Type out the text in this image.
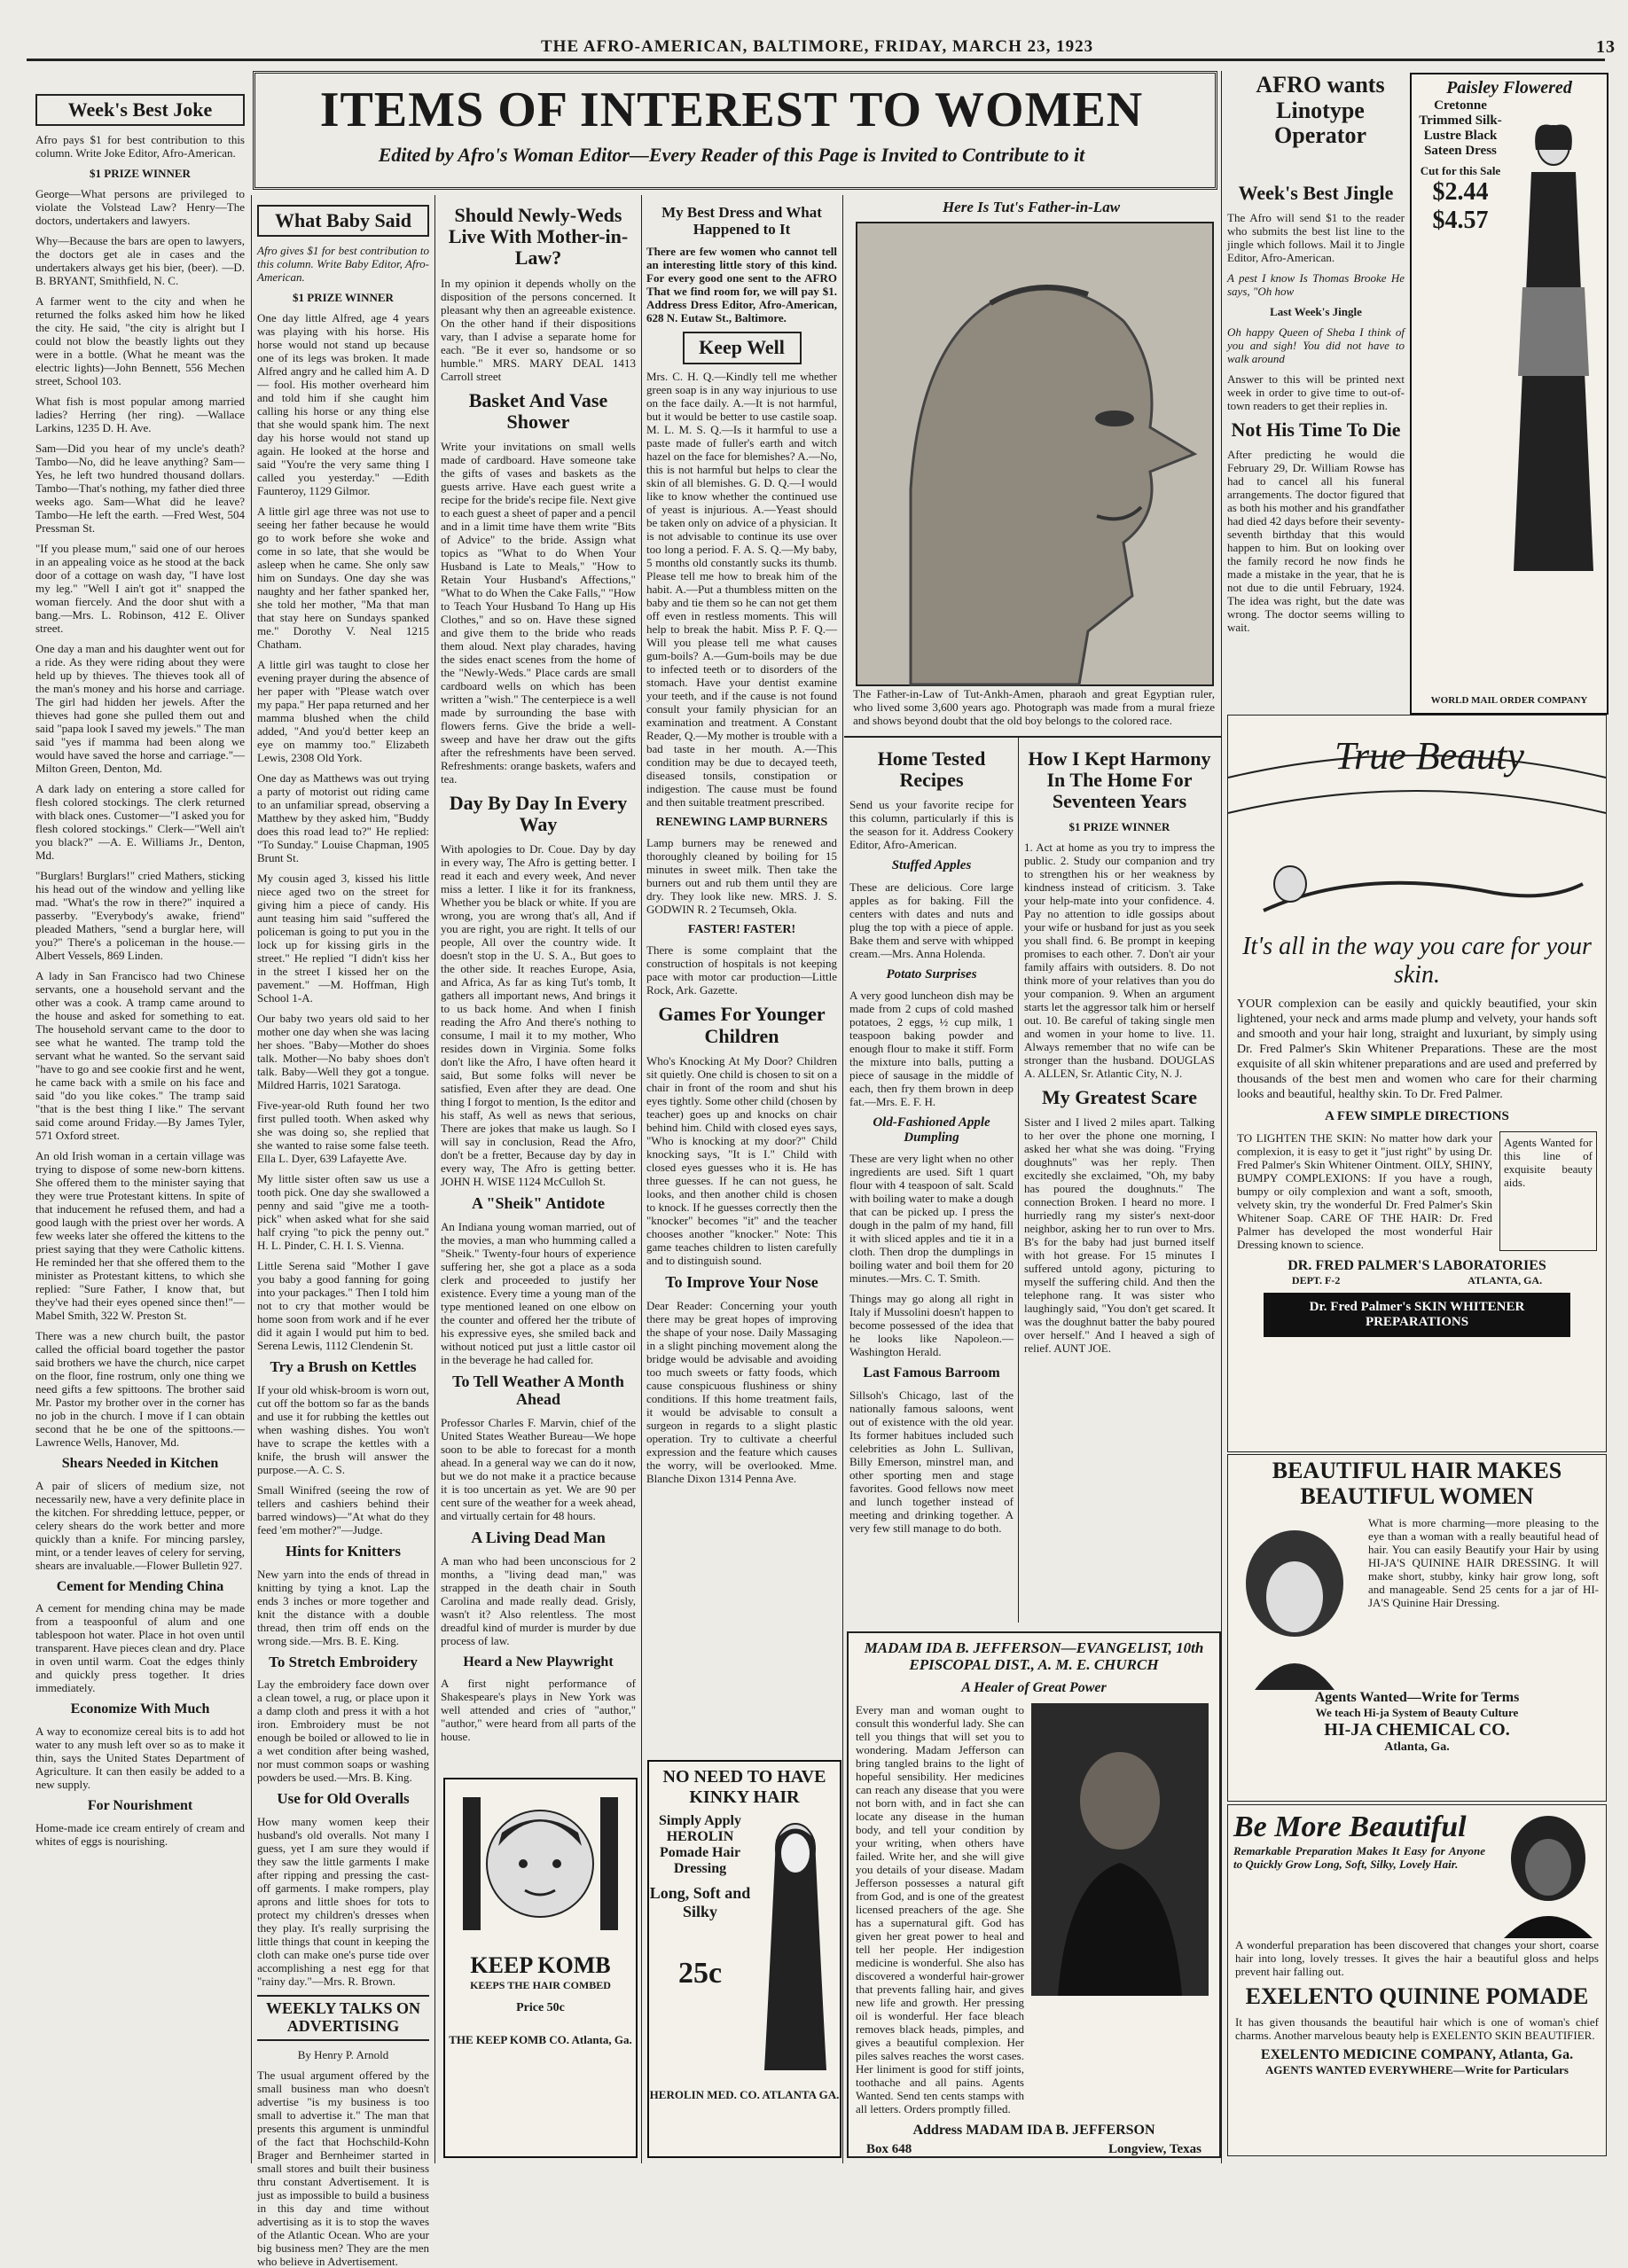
THE AFRO-AMERICAN, BALTIMORE, FRIDAY, MARCH 23, 1923	13
ITEMS OF INTEREST TO WOMEN
Edited by Afro's Woman Editor—Every Reader of this Page is Invited to Contribute to it
Week's Best Joke

Afro pays $1 for best contribution to this column. Write Joke Editor, Afro-American.

$1 PRIZE WINNER

George—What persons are privileged to violate the Volstead Law? Henry—The doctors, undertakers and lawyers.

Why—Because the bars are open to lawyers, the doctors get ale in cases and the undertakers always get his bier, (beer). —D. B. BRYANT, Smithfield, N. C.

A farmer went to the city and when he returned the folks asked him how he liked the city. He said, "the city is alright but I could not blow the beastly lights out they were in a bottle. (What he meant was the electric lights)—John Bennett, 556 Mechen street, School 103.

What fish is most popular among married ladies? Herring (her ring). —Wallace Larkins, 1235 D. H. Ave.

Sam—Did you hear of my uncle's death? Tambo—No, did he leave anything? Sam—Yes, he left two hundred thousand dollars. Tambo—That's nothing, my father died three weeks ago. Sam—What did he leave? Tambo—He left the earth. —Fred West, 504 Pressman St.

"If you please mum," said one of our heroes in an appealing voice as he stood at the back door of a cottage on wash day, "I have lost my leg." "Well I ain't got it" snapped the woman fiercely. And the door shut with a bang.—Mrs. L. Robinson, 412 E. Oliver street.

One day a man and his daughter went out for a ride. As they were riding about they were held up by thieves. The thieves took all of the man's money and his horse and carriage. The girl had hidden her jewels. After the thieves had gone she pulled them out and said "papa look I saved my jewels." The man said "yes if mamma had been along we would have saved the horse and carriage."—Milton Green, Denton, Md.

A dark lady on entering a store called for flesh colored stockings. The clerk returned with black ones. Customer—"I asked you for flesh colored stockings." Clerk—"Well ain't you black?" —A. E. Williams Jr., Denton, Md.

"Burglars! Burglars!" cried Mathers, sticking his head out of the window and yelling like mad. "What's the row in there?" inquired a passerby. "Everybody's awake, friend" pleaded Mathers, "send a burglar here, will you?" There's a policeman in the house.—Albert Vessels, 869 Linden.

A lady in San Francisco had two Chinese servants, one a household servant and the other was a cook. A tramp came around to the house and asked for something to eat. The household servant came to the door to see what he wanted. The tramp told the servant what he wanted. So the servant said "have to go and see cookie first and he went, he came back with a smile on his face and said "do you like cokes." The tramp said "that is the best thing I like." The servant said come around Friday.—By James Tyler, 571 Oxford street.

An old Irish woman in a certain village was trying to dispose of some new-born kittens. She offered them to the minister saying that they were true Protestant kittens. In spite of that inducement he refused them, and had a good laugh with the priest over her words. A few weeks later she offered the kittens to the priest saying that they were Catholic kittens. He reminded her that she offered them to the minister as Protestant kittens, to which she replied: "Sure Father, I know that, but they've had their eyes opened since then!"—Mabel Smith, 322 W. Preston St.

There was a new church built, the pastor called the official board together the pastor said brothers we have the church, nice carpet on the floor, fine rostrum, only one thing we need gifts a few spittoons. The brother said Mr. Pastor my brother over in the corner has no job in the church. I move if I can obtain second that he be one of the spittoons.—Lawrence Wells, Hanover, Md.

Shears Needed in Kitchen

A pair of slicers of medium size, not necessarily new, have a very definite place in the kitchen. For shredding lettuce, pepper, or celery shears do the work better and more quickly than a knife. For mincing parsley, mint, or a tender leaves of celery for serving, shears are invaluable.—Flower Bulletin 927.

Cement for Mending China

A cement for mending china may be made from a teaspoonful of alum and one tablespoon hot water. Place in hot oven until transparent. Have pieces clean and dry. Place in oven until warm. Coat the edges thinly and quickly press together. It dries immediately.

Economize With Much

A way to economize cereal bits is to add hot water to any mush left over so as to make it thin, says the United States Department of Agriculture. It can then easily be added to a new supply.

For Nourishment

Home-made ice cream entirely of cream and whites of eggs is nourishing.

What Baby Said

Afro gives $1 for best contribution to this column. Write Baby Editor, Afro-American.

$1 PRIZE WINNER

One day little Alfred, age 4 years was playing with his horse. His horse would not stand up because one of its legs was broken. It made Alfred angry and he called him A. D— fool. His mother overheard him and told him if she caught him calling his horse or any thing else that she would spank him. The next day his horse would not stand up again. He looked at the horse and said "You're the very same thing I called you yesterday." —Edith Faunteroy, 1129 Gilmor.

A little girl age three was not use to seeing her father because he would go to work before she woke and come in so late, that she would be asleep when he came. She only saw him on Sundays. One day she was naughty and her father spanked her, she told her mother, "Ma that man that stay here on Sundays spanked me." Dorothy V. Neal 1215 Chatham.

A little girl was taught to close her evening prayer during the absence of her paper with "Please watch over my papa." Her papa returned and her mamma blushed when the child added, "And you'd better keep an eye on mammy too." Elizabeth Lewis, 2308 Old York.

One day as Matthews was out trying a party of motorist out riding came to an unfamiliar spread, observing a Matthew by they asked him, "Buddy does this road lead to?" He replied: "To Sunday." Louise Chapman, 1905 Brunt St.

My cousin aged 3, kissed his little niece aged two on the street for giving him a piece of candy. His aunt teasing him said "suffered the policeman is going to put you in the lock up for kissing girls in the street." He replied "I didn't kiss her in the street I kissed her on the pavement." —M. Hoffman, High School 1-A.

Our baby two years old said to her mother one day when she was lacing her shoes. "Baby—Mother do shoes talk. Mother—No baby shoes don't talk. Baby—Well they got a tongue. Mildred Harris, 1021 Saratoga.

Five-year-old Ruth found her two first pulled tooth. When asked why she was doing so, she replied that she wanted to raise some false teeth. Ella L. Dyer, 639 Lafayette Ave.

My little sister often saw us use a tooth pick. One day she swallowed a penny and said "give me a tooth-pick" when asked what for she said half crying "to pick the penny out." H. L. Pinder, C. H. I. S. Vienna.

Little Serena said "Mother I gave you baby a good fanning for going into your packages." Then I told him not to cry that mother would be home soon from work and if he ever did it again I would put him to bed. Serena Lewis, 1112 Clendenin St.

Try a Brush on Kettles

If your old whisk-broom is worn out, cut off the bottom so far as the bands and use it for rubbing the kettles out when washing dishes. You won't have to scrape the kettles with a knife, the brush will answer the purpose.—A. C. S.

Small Winifred (seeing the row of tellers and cashiers behind their barred windows)—"At what do they feed 'em mother?"—Judge.

Hints for Knitters

New yarn into the ends of thread in knitting by tying a knot. Lap the ends 3 inches or more together and knit the distance with a double thread, then trim off ends on the wrong side.—Mrs. B. E. King.

To Stretch Embroidery

Lay the embroidery face down over a clean towel, a rug, or place upon it a damp cloth and press it with a hot iron. Embroidery must be not enough be boiled or allowed to lie in a wet condition after being washed, nor must common soaps or washing powders be used.—Mrs. B. King.

Use for Old Overalls

How many women keep their husband's old overalls. Not many I guess, yet I am sure they would if they saw the little garments I make after ripping and pressing the cast-off garments. I make rompers, play aprons and little shoes for tots to protect my children's dresses when they play. It's really surprising the little things that count in keeping the cloth can make one's purse tide over accomplishing a nest egg for that "rainy day."—Mrs. R. Brown.

WEEKLY TALKS ON ADVERTISING

By Henry P. Arnold

The usual argument offered by the small business man who doesn't advertise "is my business is too small to advertise it." The man that presents this argument is unmindful of the fact that Hochschild-Kohn Brager and Bernheimer started in small stores and built their business thru constant Advertisement. It is just as impossible to build a business in this day and time without advertising as it is to stop the waves of the Atlantic Ocean. Who are your big business men? They are the men who believe in Advertisement.

Should Newly-Weds Live With Mother-in-Law?

In my opinion it depends wholly on the disposition of the persons concerned. It pleasant why then an agreeable existence. On the other hand if their dispositions vary, than I advise a separate home for each. "Be it ever so, handsome or so humble." MRS. MARY DEAL 1413 Carroll street

Basket And Vase Shower

Write your invitations on small wells made of cardboard. Have someone take the gifts of vases and baskets as the guests arrive. Have each guest write a recipe for the bride's recipe file. Next give to each guest a sheet of paper and a pencil and in a limit time have them write "Bits of Advice" to the bride. Assign what topics as "What to do When Your Husband is Late to Meals," "How to Retain Your Husband's Affections," "What to do When the Cake Falls," "How to Teach Your Husband To Hang up His Clothes," and so on. Have these signed and give them to the bride who reads them aloud. Next play charades, having the sides enact scenes from the home of the "Newly-Weds." Place cards are small cardboard wells on which has been written a "wish." The centerpiece is a well made by surrounding the base with flowers ferns. Give the bride a well-sweep and have her draw out the gifts after the refreshments have been served. Refreshments: orange baskets, wafers and tea.

Day By Day In Every Way

With apologies to Dr. Coue. Day by day in every way, The Afro is getting better. I read it each and every week, And never miss a letter. I like it for its frankness, Whether you be black or white. If you are wrong, you are wrong that's all, And if you are right, you are right. It tells of our people, All over the country wide. It doesn't stop in the U. S. A., But goes to the other side. It reaches Europe, Asia, and Africa, As far as king Tut's tomb, It gathers all important news, And brings it to us back home. And when I finish reading the Afro And there's nothing to consume, I mail it to my mother, Who resides down in Virginia. Some folks don't like the Afro, I have often heard it said, But some folks will never be satisfied, Even after they are dead. One thing I forgot to mention, Is the editor and his staff, As well as news that serious, There are jokes that make us laugh. So I will say in conclusion, Read the Afro, don't be a fretter, Because day by day in every way, The Afro is getting better. JOHN H. WISE 1124 McCulloh St.

A "Sheik" Antidote

An Indiana young woman married, out of the movies, a man who humming called a "Sheik." Twenty-four hours of experience suffering her, she got a place as a soda clerk and proceeded to justify her existence. Every time a young man of the type mentioned leaned on one elbow on the counter and offered her the tribute of his expressive eyes, she smiled back and without noticed put just a little castor oil in the beverage he had called for.

To Tell Weather A Month Ahead

Professor Charles F. Marvin, chief of the United States Weather Bureau—We hope soon to be able to forecast for a month ahead. In a general way we can do it now, but we do not make it a practice because it is too uncertain as yet. We are 90 per cent sure of the weather for a week ahead, and virtually certain for 48 hours.

A Living Dead Man

A man who had been unconscious for 2 months, a "living dead man," was strapped in the death chair in South Carolina and made really dead. Grisly, wasn't it? Also relentless. The most dreadful kind of murder is murder by due process of law.

Heard a New Playwright

A first night performance of Shakespeare's plays in New York was well attended and cries of "author," "author," were heard from all parts of the house.

KEEP KOMB
KEEPS THE HAIR COMBED
Price 50c
THE KEEP KOMB CO. Atlanta, Ga.
My Best Dress and What Happened to It

There are few women who cannot tell an interesting little story of this kind. For every good one sent to the AFRO That we find room for, we will pay $1. Address Dress Editor, Afro-American, 628 N. Eutaw St., Baltimore.

Keep Well

Mrs. C. H. Q.—Kindly tell me whether green soap is in any way injurious to use on the face daily. A.—It is not harmful, but it would be better to use castile soap. M. L. M. S. Q.—Is it harmful to use a paste made of fuller's earth and witch hazel on the face for blemishes? A.—No, this is not harmful but helps to clear the skin of all blemishes. G. D. Q.—I would like to know whether the continued use of yeast is injurious. A.—Yeast should be taken only on advice of a physician. It is not advisable to continue its use over too long a period. F. A. S. Q.—My baby, 5 months old constantly sucks its thumb. Please tell me how to break him of the habit. A.—Put a thumbless mitten on the baby and tie them so he can not get them off even in restless moments. This will help to break the habit. Miss P. F. Q.—Will you please tell me what causes gum-boils? A.—Gum-boils may be due to infected teeth or to disorders of the stomach. Have your dentist examine your teeth, and if the cause is not found consult your family physician for an examination and treatment. A Constant Reader, Q.—My mother is trouble with a bad taste in her mouth. A.—This condition may be due to decayed teeth, diseased tonsils, constipation or indigestion. The cause must be found and then suitable treatment prescribed.

RENEWING LAMP BURNERS

Lamp burners may be renewed and thoroughly cleaned by boiling for 15 minutes in sweet milk. Then take the burners out and rub them until they are dry. They look like new. MRS. J. S. GODWIN R. 2 Tecumseh, Okla.

FASTER! FASTER!

There is some complaint that the construction of hospitals is not keeping pace with motor car production—Little Rock, Ark. Gazette.

Games For Younger Children

Who's Knocking At My Door? Children sit quietly. One child is chosen to sit on a chair in front of the room and shut his eyes tightly. Some other child (chosen by teacher) goes up and knocks on chair behind him. Child with closed eyes says, "Who is knocking at my door?" Child knocking says, "It is I." Child with closed eyes guesses who it is. He has three guesses. If he can not guess, he looks, and then another child is chosen to knock. If he guesses correctly then the "knocker" becomes "it" and the teacher chooses another "knocker." Note: This game teaches children to listen carefully and to distinguish sound.

To Improve Your Nose

Dear Reader: Concerning your youth there may be great hopes of improving the shape of your nose. Daily Massaging in a slight pinching movement along the bridge would be advisable and avoiding too much sweets or fatty foods, which cause conspicuous flushiness or shiny conditions. If this home treatment fails, it would be advisable to consult a surgeon in regards to a slight plastic operation. Try to cultivate a cheerful expression and the feature which causes the worry, will be overlooked. Mme. Blanche Dixon 1314 Penna Ave.

NO NEED TO HAVE KINKY HAIR
Simply Apply HEROLIN Pomade Hair Dressing
Long, Soft and Silky
25c
HEROLIN MED. CO. ATLANTA GA.
Here Is Tut's Father-in-Law

The Father-in-Law of Tut-Ankh-Amen, pharaoh and great Egyptian ruler, who lived some 3,600 years ago. Photograph was made from a mural frieze and shows beyond doubt that the old boy belongs to the colored race.

Home Tested Recipes

Send us your favorite recipe for this column, particularly if this is the season for it. Address Cookery Editor, Afro-American.

Stuffed Apples

These are delicious. Core large apples as for baking. Fill the centers with dates and nuts and plug the top with a piece of apple. Bake them and serve with whipped cream.—Mrs. Anna Holenda.

Potato Surprises

A very good luncheon dish may be made from 2 cups of cold mashed potatoes, 2 eggs, ½ cup milk, 1 teaspoon baking powder and enough flour to make it stiff. Form the mixture into balls, putting a piece of sausage in the middle of each, then fry them brown in deep fat.—Mrs. E. F. H.

Old-Fashioned Apple Dumpling

These are very light when no other ingredients are used. Sift 1 quart flour with 4 teaspoon of salt. Scald with boiling water to make a dough that can be picked up. I press the dough in the palm of my hand, fill it with sliced apples and tie it in a cloth. Then drop the dumplings in boiling water and boil them for 20 minutes.—Mrs. C. T. Smith.

Things may go along all right in Italy if Mussolini doesn't happen to become possessed of the idea that he looks like Napoleon.—Washington Herald.

Last Famous Barroom

Sillsoh's Chicago, last of the nationally famous saloons, went out of existence with the old year. Its former habitues included such celebrities as John L. Sullivan, Billy Emerson, minstrel man, and other sporting men and stage favorites. Good fellows now meet and lunch together instead of meeting and drinking together. A very few still manage to do both.

How I Kept Harmony In The Home For Seventeen Years

$1 PRIZE WINNER

1. Act at home as you try to impress the public. 2. Study our companion and try to strengthen his or her weakness by kindness instead of criticism. 3. Take your help-mate into your confidence. 4. Pay no attention to idle gossips about your wife or husband for just as you seek you shall find. 6. Be prompt in keeping promises to each other. 7. Don't air your family affairs with outsiders. 8. Do not think more of your relatives than you do your companion. 9. When an argument starts let the aggressor talk him or herself out. 10. Be careful of taking single men and women in your home to live. 11. Always remember that no wife can be stronger than the husband. DOUGLAS A. ALLEN, Sr. Atlantic City, N. J.

My Greatest Scare

Sister and I lived 2 miles apart. Talking to her over the phone one morning, I asked her what she was doing. "Frying doughnuts" was her reply. Then excitedly she exclaimed, "Oh, my baby has poured the doughnuts." The connection Broken. I heard no more. I hurriedly rang my sister's next-door neighbor, asking her to run over to Mrs. B's for the baby had just burned itself with hot grease. For 15 minutes I suffered untold agony, picturing to myself the suffering child. And then the telephone rang. It was sister who laughingly said, "You don't get scared. It was the doughnut batter the baby poured over herself." And I heaved a sigh of relief. AUNT JOE.

MADAM IDA B. JEFFERSON—EVANGELIST, 10th EPISCOPAL DIST., A. M. E. CHURCH
A Healer of Great Power

Every man and woman ought to consult this wonderful lady. She can tell you things that will set you to wondering. Madam Jefferson can bring tangled brains to the light of hopeful sensibility. Her medicines can reach any disease that you were not born with, and in fact she can locate any disease in the human body, and tell your condition by your writing, when others have failed. Write her, and she will give you details of your disease. Madam Jefferson possesses a natural gift from God, and is one of the greatest licensed preachers of the age. She has a supernatural gift. God has given her great power to heal and tell her people. Her indigestion medicine is wonderful. She also has discovered a wonderful hair-grower that prevents falling hair, and gives new life and growth. Her pressing oil is wonderful. Her face bleach removes black heads, pimples, and gives a beautiful complexion. Her piles salves reaches the worst cases. Her liniment is good for stiff joints, toothache and all pains. Agents Wanted. Send ten cents stamps with all letters. Orders promptly filled.

Address MADAM IDA B. JEFFERSON
Box 648	Longview, Texas
AFRO wants Linotype Operator
Week's Best Jingle

The Afro will send $1 to the reader who submits the best list line to the jingle which follows. Mail it to Jingle Editor, Afro-American.

A pest I know Is Thomas Brooke He says, "Oh how

Last Week's Jingle

Oh happy Queen of Sheba I think of you and sigh! You did not have to walk around

Answer to this will be printed next week in order to give time to out-of-town readers to get their replies in.

Not His Time To Die

After predicting he would die February 29, Dr. William Rowse has had to cancel all his funeral arrangements. The doctor figured that as both his mother and his grandfather had died 42 days before their seventy-seventh birthday that this would happen to him. But on looking over the family record he now finds he made a mistake in the year, that he is not due to die until February, 1924. The idea was right, but the date was wrong. The doctor seems willing to wait.

Paisley Flowered
Cretonne Trimmed Silk-Lustre Black Sateen Dress
Cut for this Sale
$2.44
$4.57
WORLD MAIL ORDER COMPANY
True Beauty
It's all in the way you care for your skin.

YOUR complexion can be easily and quickly beautified, your skin lightened, your neck and arms made plump and velvety, your hands soft and smooth and your hair long, straight and luxuriant, by simply using Dr. Fred Palmer's Skin Whitener Preparations. These are the most exquisite of all skin whitener preparations and are used and preferred by thousands of the best men and women who care for their charming looks and beautiful, healthy skin. To Dr. Fred Palmer.

A FEW SIMPLE DIRECTIONS

TO LIGHTEN THE SKIN: No matter how dark your complexion, it is easy to get it "just right" by using Dr. Fred Palmer's Skin Whitener Ointment. OILY, SHINY, BUMPY COMPLEXIONS: If you have a rough, bumpy or oily complexion and want a soft, smooth, velvety skin, try the wonderful Dr. Fred Palmer's Skin Whitener Soap. CARE OF THE HAIR: Dr. Fred Palmer has developed the most wonderful Hair Dressing known to science.

Agents Wanted for this line of exquisite beauty aids.

DR. FRED PALMER'S LABORATORIES
DEPT. F-2	ATLANTA, GA.
Dr. Fred Palmer's SKIN WHITENER PREPARATIONS
BEAUTIFUL HAIR MAKES BEAUTIFUL WOMEN

What is more charming—more pleasing to the eye than a woman with a really beautiful head of hair. You can easily Beautify your Hair by using HI-JA'S QUININE HAIR DRESSING. It will make short, stubby, kinky hair grow long, soft and manageable. Send 25 cents for a jar of HI-JA'S Quinine Hair Dressing.

Agents Wanted—Write for Terms
We teach Hi-ja System of Beauty Culture
HI-JA CHEMICAL CO.
Atlanta, Ga.
Be More Beautiful

Remarkable Preparation Makes It Easy for Anyone to Quickly Grow Long, Soft, Silky, Lovely Hair.

A wonderful preparation has been discovered that changes your short, coarse hair into long, lovely tresses. It gives the hair a beautiful gloss and helps prevent hair falling out.

EXELENTO QUININE POMADE

It has given thousands the beautiful hair which is one of woman's chief charms. Another marvelous beauty help is EXELENTO SKIN BEAUTIFIER.

EXELENTO MEDICINE COMPANY, Atlanta, Ga.
AGENTS WANTED EVERYWHERE—Write for Particulars
